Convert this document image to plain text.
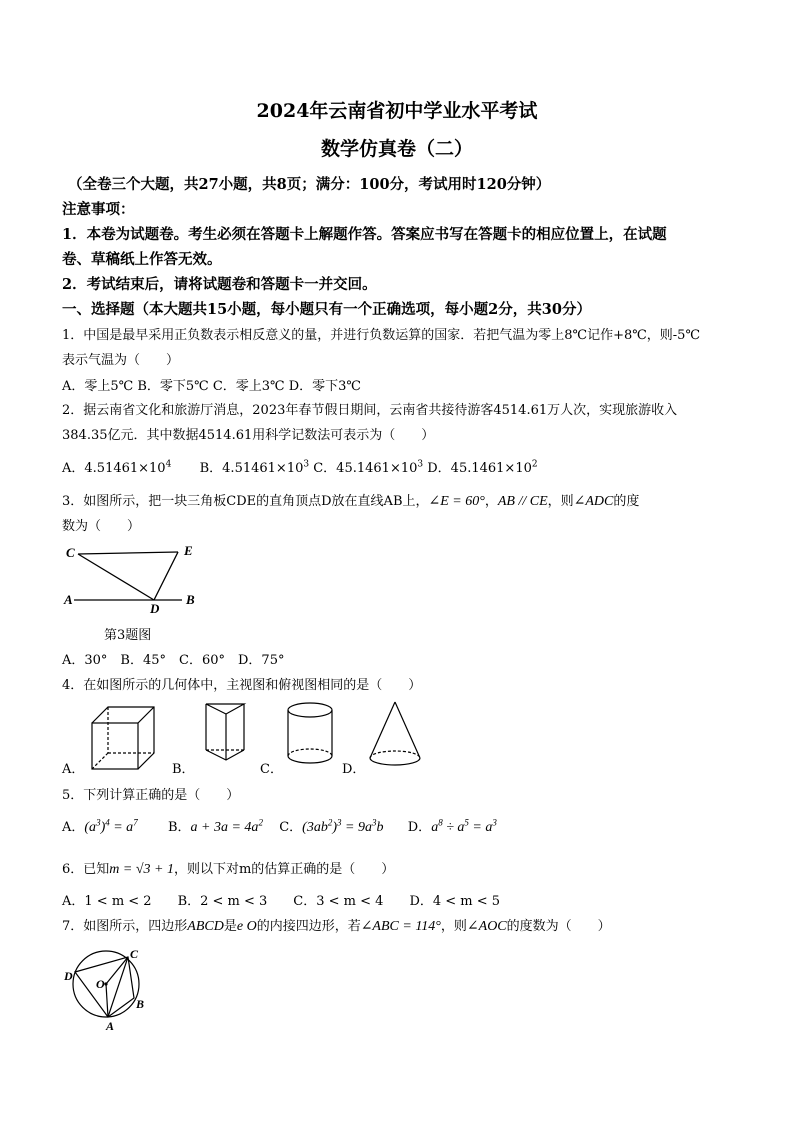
2024年云南省初中学业水平考试
数学仿真卷（二）
（全卷三个大题，共27小题，共8页；满分：100分，考试用时120分钟）
注意事项：
1．本卷为试题卷。考生必须在答题卡上解题作答。答案应书写在答题卡的相应位置上，在试题
卷、草稿纸上作答无效。
2．考试结束后，请将试题卷和答题卡一并交回。
一、选择题（本大题共15小题，每小题只有一个正确选项，每小题2分，共30分）
1．中国是最早采用正负数表示相反意义的量，并进行负数运算的国家．若把气温为零上8℃记作+8℃，则-5℃
表示气温为（　　）
A．零上5℃ B．零下5℃ C．零上3℃ D．零下3℃
2．据云南省文化和旅游厅消息，2023年春节假日期间，云南省共接待游客4514.61万人次，实现旅游收入
384.35亿元．其中数据4514.61用科学记数法可表示为（　　）
A．$4.51461\times 10^4$ B．$4.51461\times 10^3$ C．$45.1461\times 10^3$ D．$45.1461\times 10^2$
3．如图所示，把一块三角板CDE的直角顶点D放在直线AB上，∠E = 60°，AB // CE，则∠ADC的度
数为（　　）
C	E
A
D
B
第3题图
A．30°　B．45°　C．60°　D．75°
4．在如图所示的几何体中，主视图和俯视图相同的是（　　）
A．	B．	C．	D．
5．下列计算正确的是（　　）
A．$(a^3)^4 = a^7$ B．$a + 3a = 4a^2$ C．$(3ab^2)^3 = 9a^3b$ D．$a^8 \div a^5 = a^3$
6．已知m = √3 + 1，则以下对m的估算正确的是（　　）
A．1 < m < 2　　B．2 < m < 3　　C．3 < m < 4　　D．4 < m < 5
7．如图所示，四边形ABCD是e O的内接四边形，若∠ABC = 114°，则∠AOC的度数为（　　）
C
D
O
B
A
